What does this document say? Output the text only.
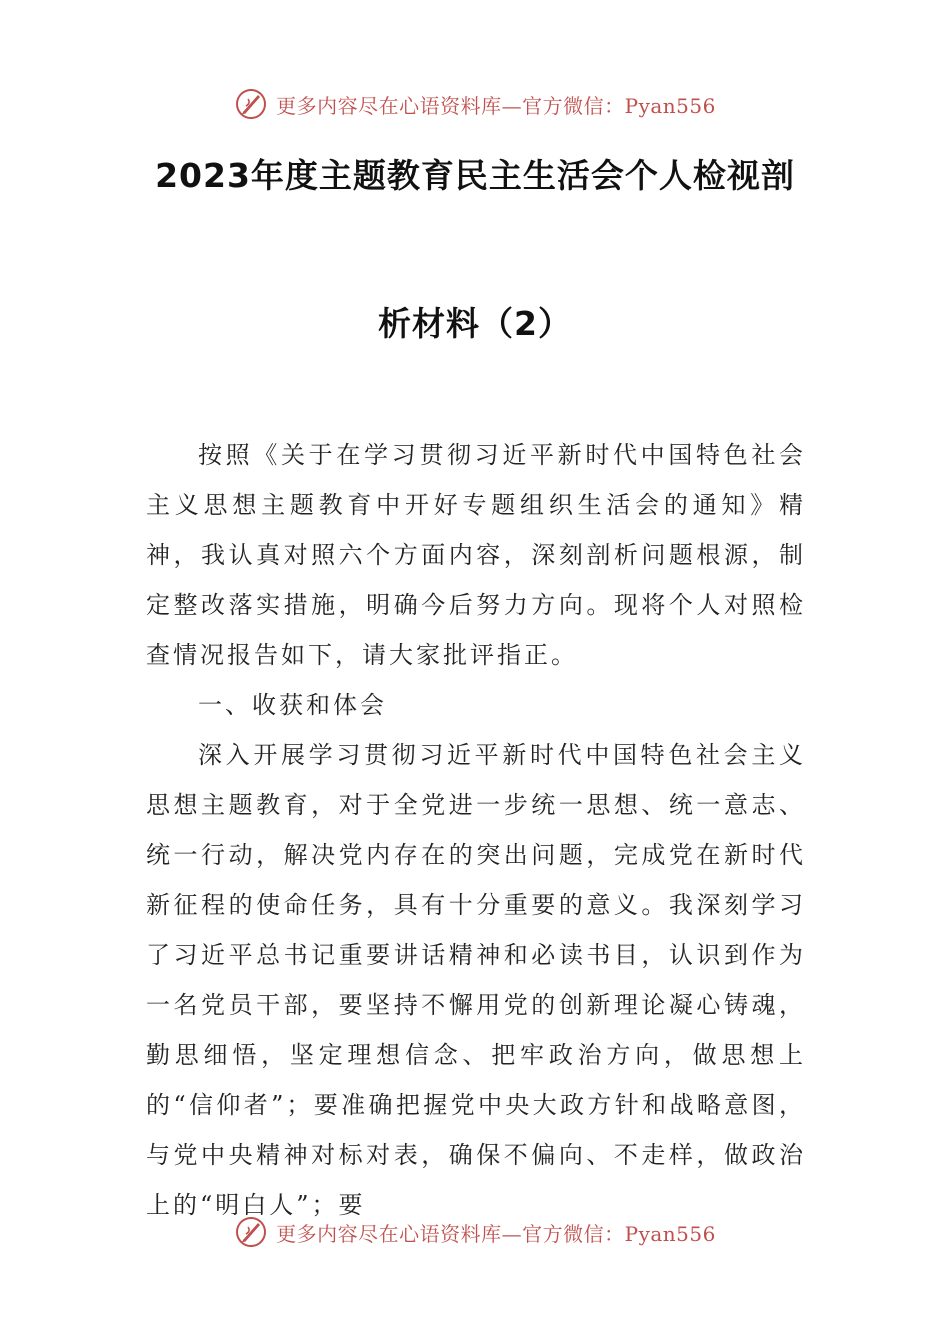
更多内容尽在心语资料库—官方微信：Pyan556
2023年度主题教育民主生活会个人检视剖
析材料（2）

按照《关于在学习贯彻习近平新时代中国特色社会主义思想主题教育中开好专题组织生活会的通知》精神，我认真对照六个方面内容，深刻剖析问题根源，制定整改落实措施，明确今后努力方向。现将个人对照检查情况报告如下，请大家批评指正。

一、收获和体会

深入开展学习贯彻习近平新时代中国特色社会主义思想主题教育，对于全党进一步统一思想、统一意志、统一行动，解决党内存在的突出问题，完成党在新时代新征程的使命任务，具有十分重要的意义。我深刻学习了习近平总书记重要讲话精神和必读书目，认识到作为一名党员干部，要坚持不懈用党的创新理论凝心铸魂，勤思细悟，坚定理想信念、把牢政治方向，做思想上的“信仰者”；要准确把握党中央大政方针和战略意图，与党中央精神对标对表，确保不偏向、不走样，做政治上的“明白人”；要

更多内容尽在心语资料库—官方微信：Pyan556
